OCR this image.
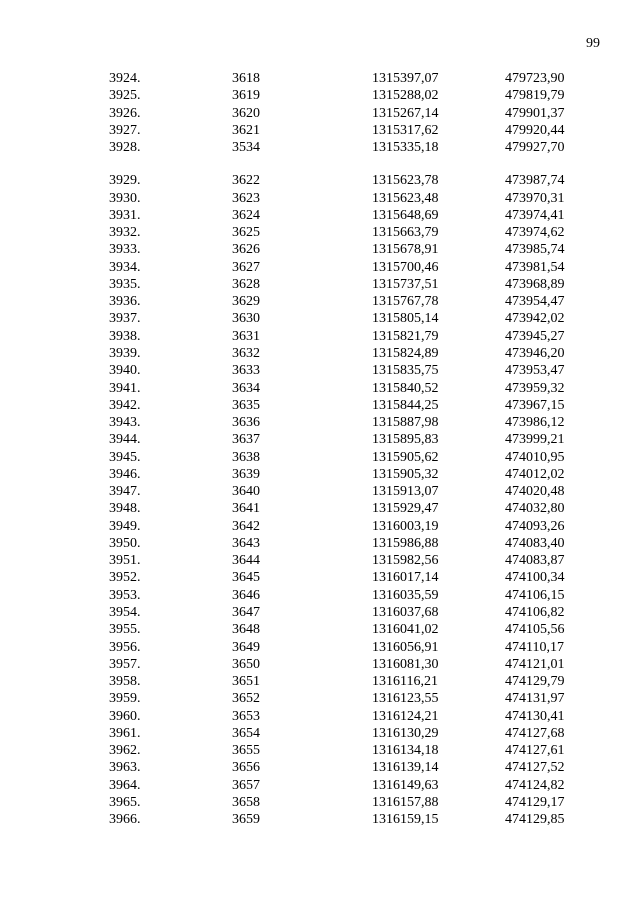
99
3924.	3618	1315397,07	479723,90
3925.	3619	1315288,02	479819,79
3926.	3620	1315267,14	479901,37
3927.	3621	1315317,62	479920,44
3928.	3534	1315335,18	479927,70
3929.	3622	1315623,78	473987,74
3930.	3623	1315623,48	473970,31
3931.	3624	1315648,69	473974,41
3932.	3625	1315663,79	473974,62
3933.	3626	1315678,91	473985,74
3934.	3627	1315700,46	473981,54
3935.	3628	1315737,51	473968,89
3936.	3629	1315767,78	473954,47
3937.	3630	1315805,14	473942,02
3938.	3631	1315821,79	473945,27
3939.	3632	1315824,89	473946,20
3940.	3633	1315835,75	473953,47
3941.	3634	1315840,52	473959,32
3942.	3635	1315844,25	473967,15
3943.	3636	1315887,98	473986,12
3944.	3637	1315895,83	473999,21
3945.	3638	1315905,62	474010,95
3946.	3639	1315905,32	474012,02
3947.	3640	1315913,07	474020,48
3948.	3641	1315929,47	474032,80
3949.	3642	1316003,19	474093,26
3950.	3643	1315986,88	474083,40
3951.	3644	1315982,56	474083,87
3952.	3645	1316017,14	474100,34
3953.	3646	1316035,59	474106,15
3954.	3647	1316037,68	474106,82
3955.	3648	1316041,02	474105,56
3956.	3649	1316056,91	474110,17
3957.	3650	1316081,30	474121,01
3958.	3651	1316116,21	474129,79
3959.	3652	1316123,55	474131,97
3960.	3653	1316124,21	474130,41
3961.	3654	1316130,29	474127,68
3962.	3655	1316134,18	474127,61
3963.	3656	1316139,14	474127,52
3964.	3657	1316149,63	474124,82
3965.	3658	1316157,88	474129,17
3966.	3659	1316159,15	474129,85
